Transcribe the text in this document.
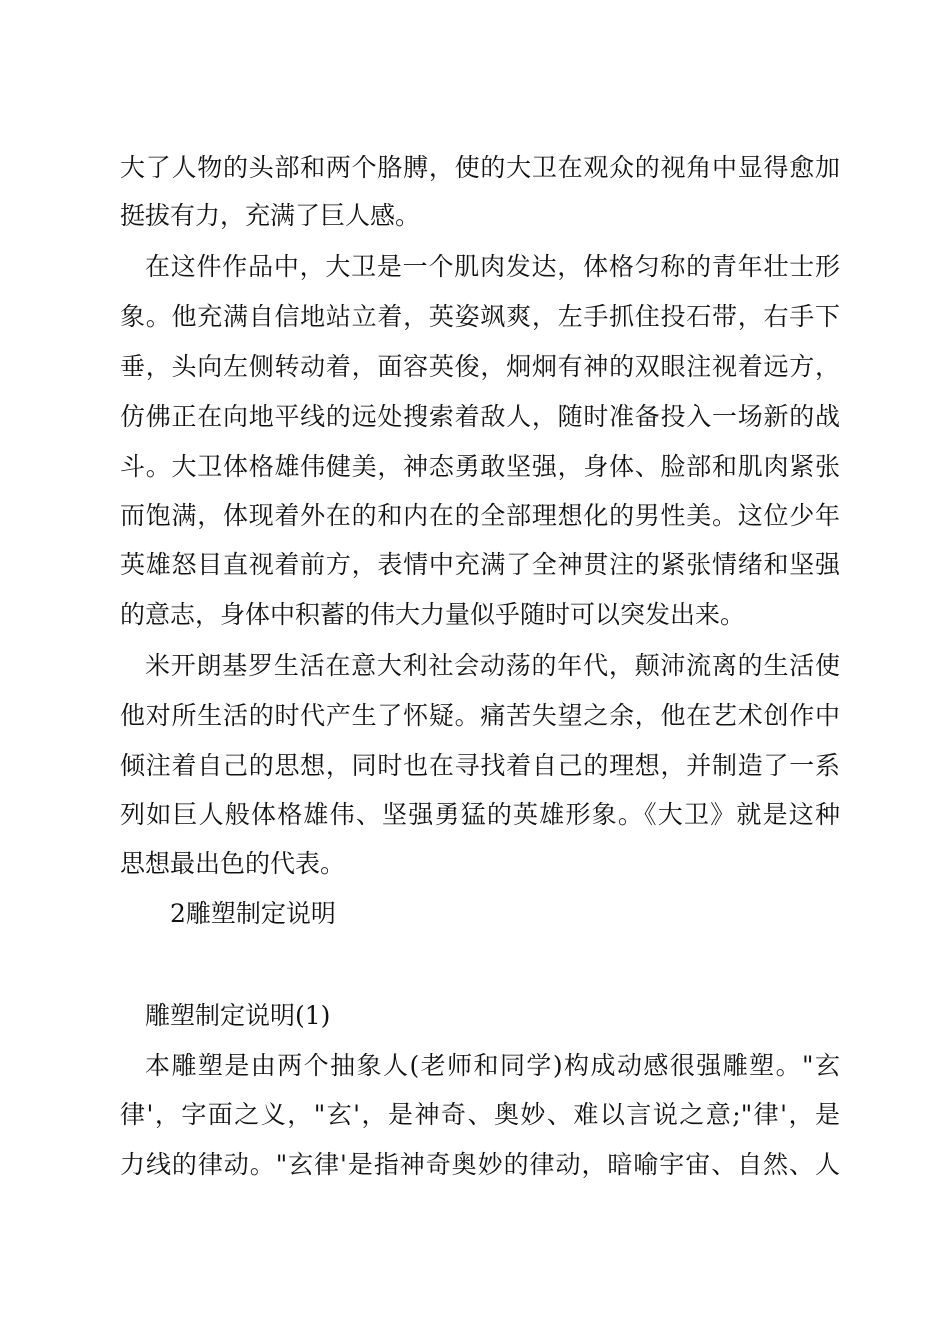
大了人物的头部和两个胳膊，使的大卫在观众的视角中显得愈加
挺拔有力，充满了巨人感。
在这件作品中，大卫是一个肌肉发达，体格匀称的青年壮士形
象。他充满自信地站立着，英姿飒爽，左手抓住投石带，右手下
垂，头向左侧转动着，面容英俊，炯炯有神的双眼注视着远方，
仿佛正在向地平线的远处搜索着敌人，随时准备投入一场新的战
斗。大卫体格雄伟健美，神态勇敢坚强，身体、脸部和肌肉紧张
而饱满，体现着外在的和内在的全部理想化的男性美。这位少年
英雄怒目直视着前方，表情中充满了全神贯注的紧张情绪和坚强
的意志，身体中积蓄的伟大力量似乎随时可以突发出来。
米开朗基罗生活在意大利社会动荡的年代，颠沛流离的生活使
他对所生活的时代产生了怀疑。痛苦失望之余，他在艺术创作中
倾注着自己的思想，同时也在寻找着自己的理想，并制造了一系
列如巨人般体格雄伟、坚强勇猛的英雄形象。《大卫》就是这种
思想最出色的代表。
2雕塑制定说明
雕塑制定说明(1)
本雕塑是由两个抽象人(老师和同学)构成动感很强雕塑。"玄
律'，字面之义，"玄'，是神奇、奥妙、难以言说之意;"律'，是
力线的律动。"玄律'是指神奇奥妙的律动，暗喻宇宙、自然、人
